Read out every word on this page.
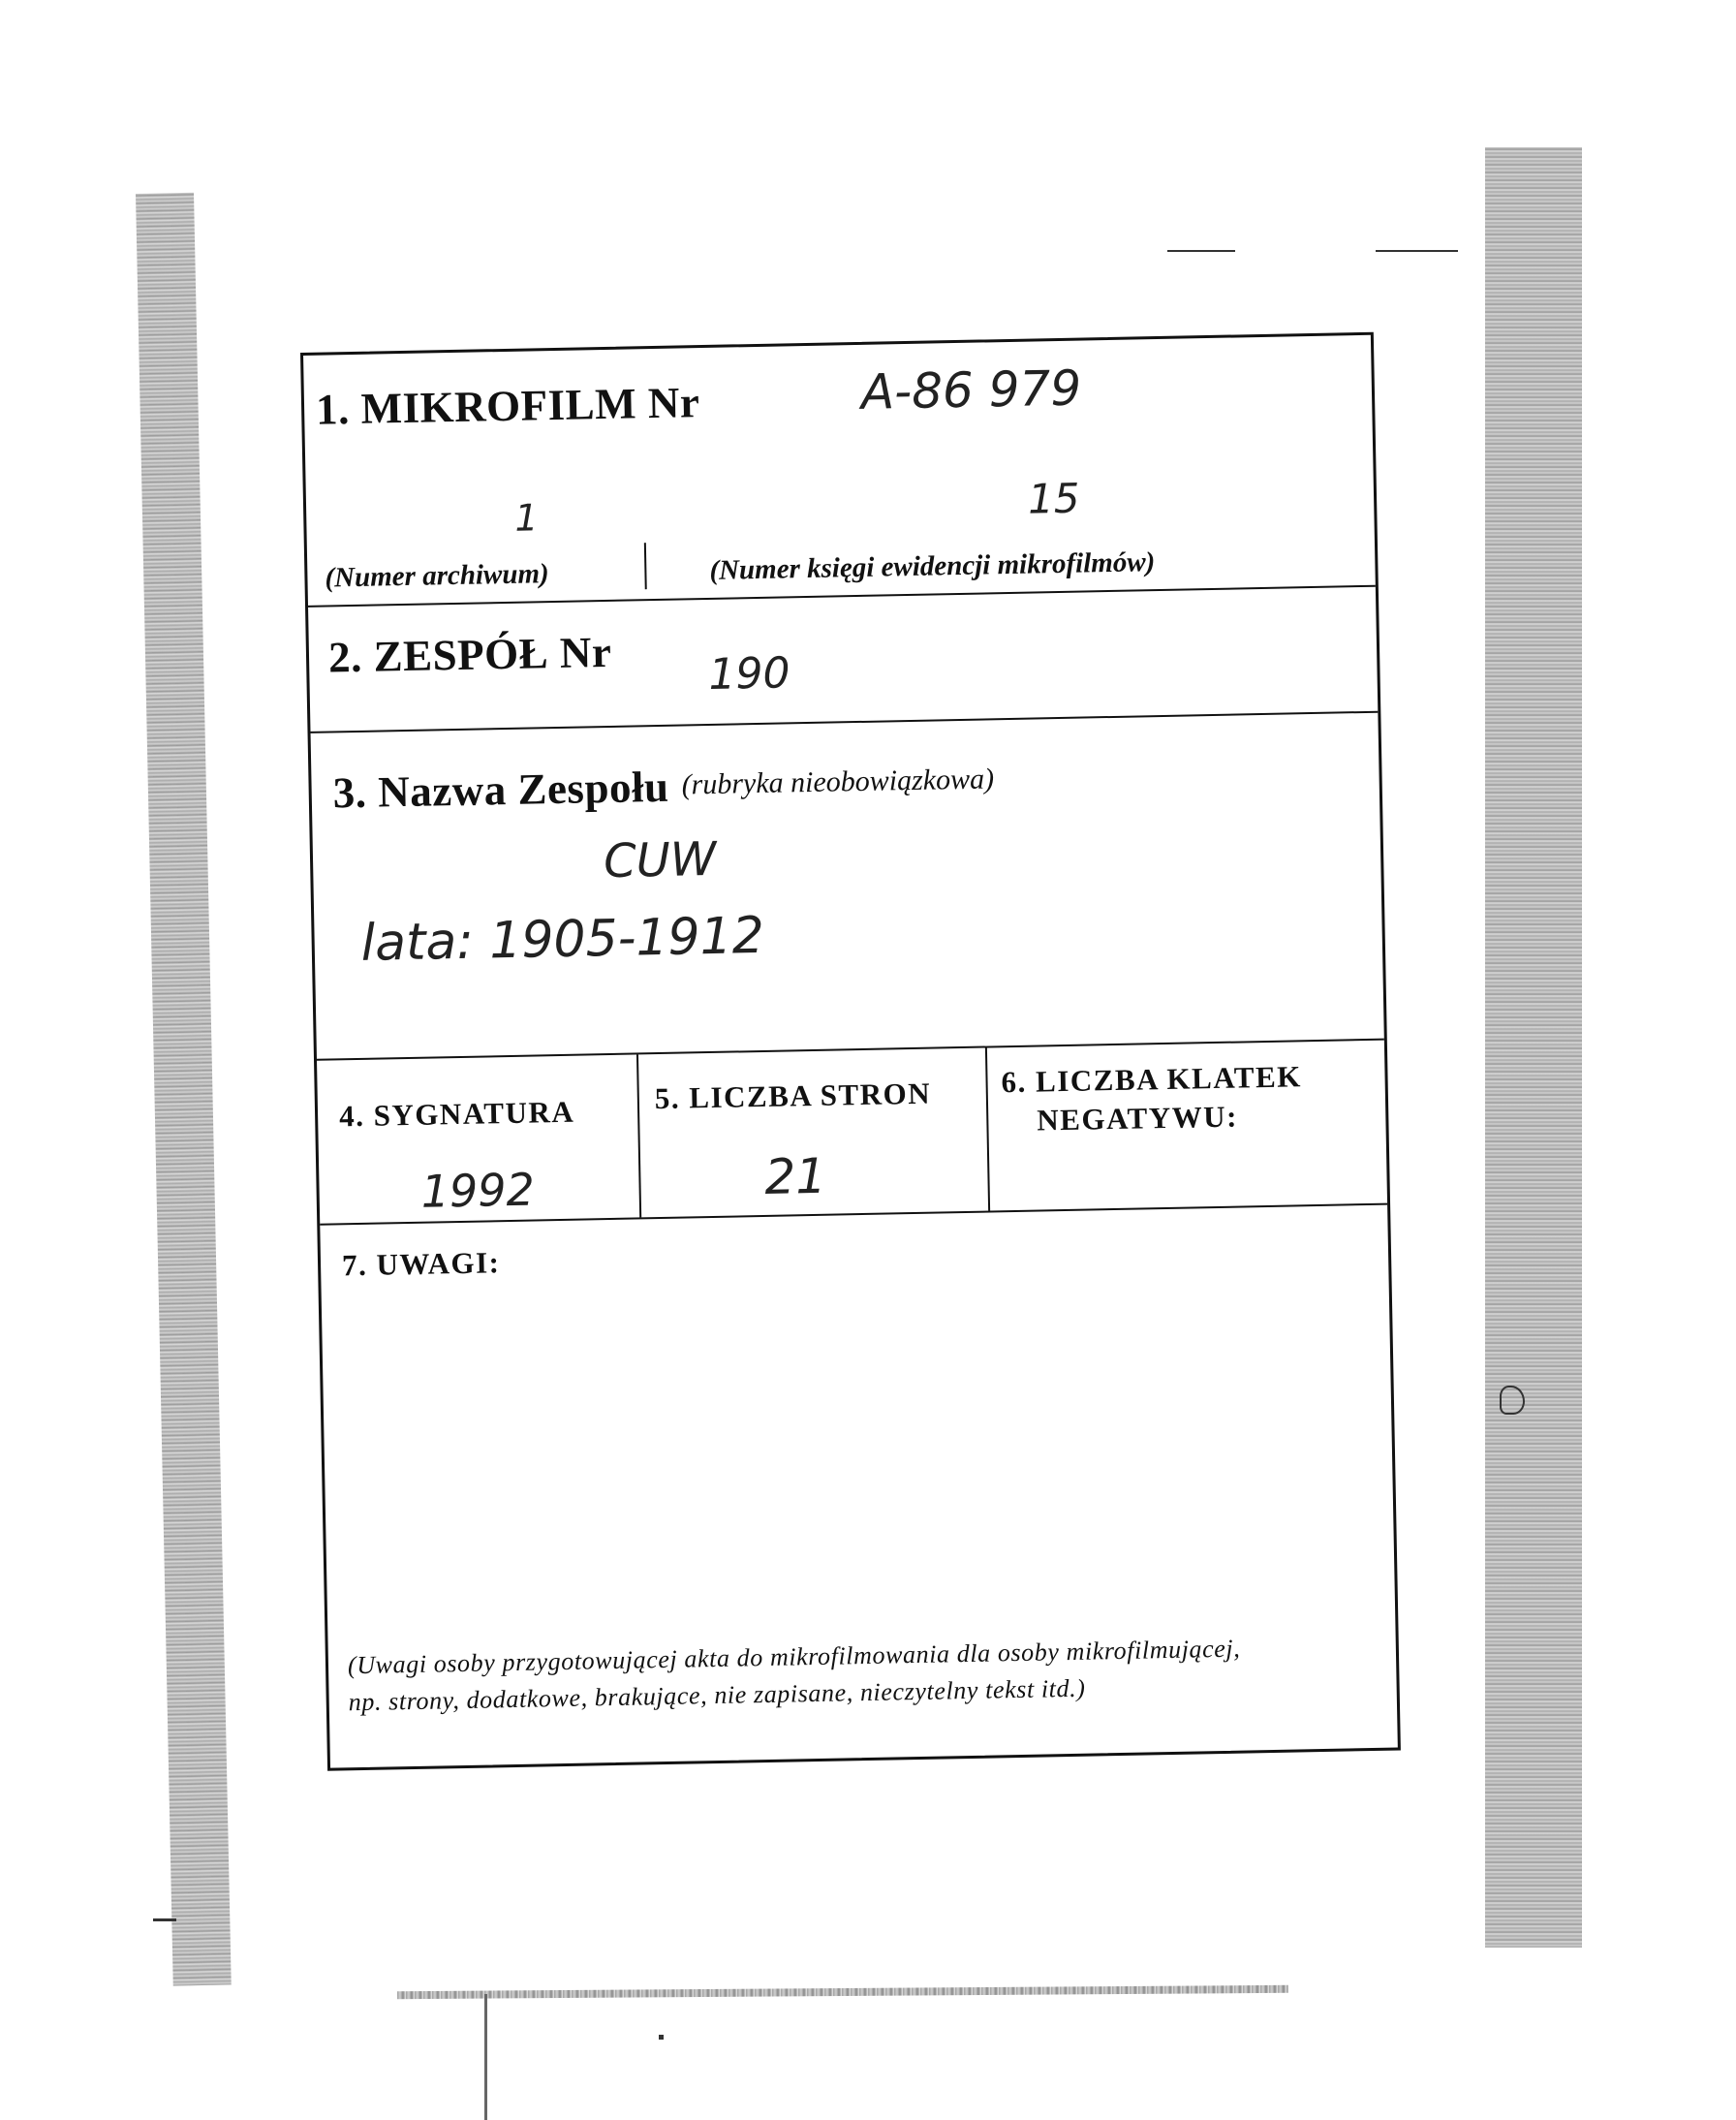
1. MIKROFILM Nr	A-86 979
1	15
(Numer archiwum)	(Numer księgi ewidencji mikrofilmów)
2. ZESPÓŁ Nr 190
3. Nazwa Zespołu (rubryka nieobowiązkowa)
CUW
lata: 1905-1912
4. SYGNATURA
1992
5. LICZBA STRON
21
6. LICZBA KLATEK
NEGATYWU:
7. UWAGI:
(Uwagi osoby przygotowującej akta do mikrofilmowania dla osoby mikrofilmującej,
np. strony, dodatkowe, brakujące, nie zapisane, nieczytelny tekst itd.)
